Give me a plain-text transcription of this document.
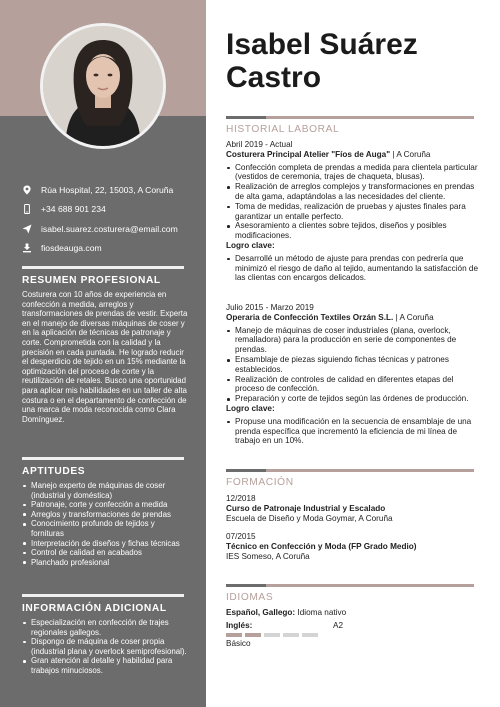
Rúa Hospital, 22, 15003, A Coruña
+34 688 901 234
isabel.suarez.costurera@email.com
fiosdeauga.com
RESUMEN PROFESIONAL
Costurera con 10 años de experiencia en confección a medida, arreglos y transformaciones de prendas de vestir. Experta en el manejo de diversas máquinas de coser y en la aplicación de técnicas de patronaje y corte. Comprometida con la calidad y la precisión en cada puntada. He logrado reducir el desperdicio de tejido en un 15% mediante la optimización del proceso de corte y la reutilización de retales. Busco una oportunidad para aplicar mis habilidades en un taller de alta costura o en el departamento de confección de una marca de moda reconocida como Clara Domínguez.
APTITUDES
Manejo experto de máquinas de coser (industrial y doméstica)
Patronaje, corte y confección a medida
Arreglos y transformaciones de prendas
Conocimiento profundo de tejidos y fornituras
Interpretación de diseños y fichas técnicas
Control de calidad en acabados
Planchado profesional
INFORMACIÓN ADICIONAL
Especialización en confección de trajes regionales gallegos.
Dispongo de máquina de coser propia (industrial plana y overlock semiprofesional).
Gran atención al detalle y habilidad para trabajos minuciosos.
Isabel Suárez
Castro
HISTORIAL LABORAL
Abril 2019 - Actual
Costurera Principal Atelier "Fíos de Auga" | A Coruña
Confección completa de prendas a medida para clientela particular (vestidos de ceremonia, trajes de chaqueta, blusas).
Realización de arreglos complejos y transformaciones en prendas de alta gama, adaptándolas a las necesidades del cliente.
Toma de medidas, realización de pruebas y ajustes finales para garantizar un entalle perfecto.
Asesoramiento a clientes sobre tejidos, diseños y posibles modificaciones.
Logro clave:
Desarrollé un método de ajuste para prendas con pedrería que minimizó el riesgo de daño al tejido, aumentando la satisfacción de las clientas con encargos delicados.
Julio 2015 - Marzo 2019
Operaria de Confección Textiles Orzán S.L. | A Coruña
Manejo de máquinas de coser industriales (plana, overlock, remalladora) para la producción en serie de componentes de prendas.
Ensamblaje de piezas siguiendo fichas técnicas y patrones establecidos.
Realización de controles de calidad en diferentes etapas del proceso de confección.
Preparación y corte de tejidos según las órdenes de producción.
Logro clave:
Propuse una modificación en la secuencia de ensamblaje de una prenda específica que incrementó la eficiencia de mi línea de trabajo en un 10%.
FORMACIÓN
12/2018
Curso de Patronaje Industrial y Escalado
Escuela de Diseño y Moda Goymar, A Coruña
07/2015
Técnico en Confección y Moda (FP Grado Medio)
IES Someso, A Coruña
IDIOMAS
Español, Gallego: Idioma nativo
Inglés:	A2
Básico
